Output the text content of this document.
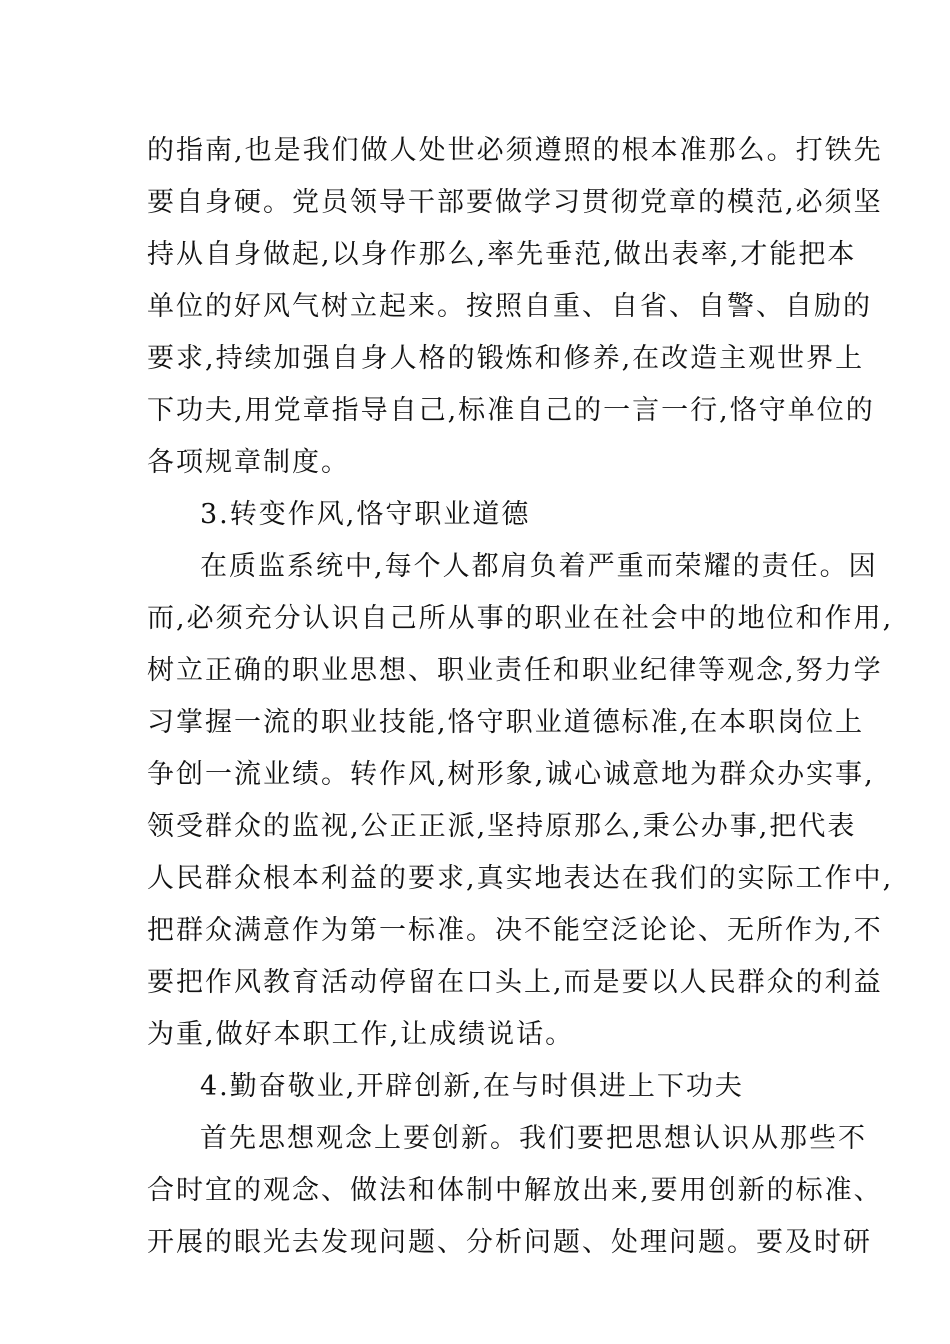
的指南,也是我们做人处世必须遵照的根本准那么。打铁先
要自身硬。党员领导干部要做学习贯彻党章的模范,必须坚
持从自身做起,以身作那么,率先垂范,做出表率,才能把本
单位的好风气树立起来。按照自重、自省、自警、自励的
要求,持续加强自身人格的锻炼和修养,在改造主观世界上
下功夫,用党章指导自己,标准自己的一言一行,恪守单位的
各项规章制度。
3.转变作风,恪守职业道德
在质监系统中,每个人都肩负着严重而荣耀的责任。因
而,必须充分认识自己所从事的职业在社会中的地位和作用,
树立正确的职业思想、职业责任和职业纪律等观念,努力学
习掌握一流的职业技能,恪守职业道德标准,在本职岗位上
争创一流业绩。转作风,树形象,诚心诚意地为群众办实事,
领受群众的监视,公正正派,坚持原那么,秉公办事,把代表
人民群众根本利益的要求,真实地表达在我们的实际工作中,
把群众满意作为第一标准。决不能空泛论论、无所作为,不
要把作风教育活动停留在口头上,而是要以人民群众的利益
为重,做好本职工作,让成绩说话。
4.勤奋敬业,开辟创新,在与时俱进上下功夫
首先思想观念上要创新。我们要把思想认识从那些不
合时宜的观念、做法和体制中解放出来,要用创新的标准、
开展的眼光去发现问题、分析问题、处理问题。要及时研
